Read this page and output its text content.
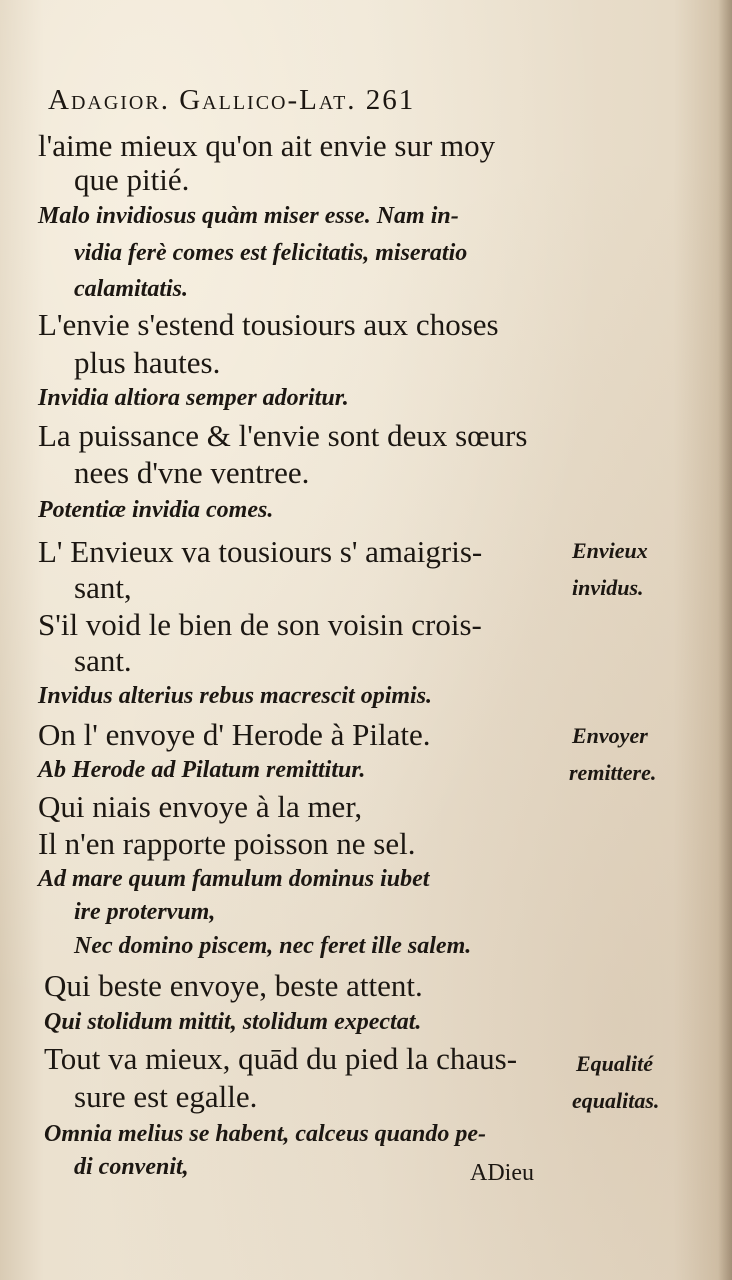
Adagior. Gallico-Lat. 261
l'aime mieux qu'on ait envie sur moy
que pitié.
Malo invidiosus quàm miser esse. Nam in-
vidia ferè comes est felicitatis, miseratio
calamitatis.
L'envie s'estend tousiours aux choses
plus hautes.
Invidia altiora semper adoritur.
La puissance & l'envie sont deux sœurs
nees d'vne ventree.
Potentiæ invidia comes.
L' Envieux va tousiours s' amaigris-
sant,
S'il void le bien de son voisin crois-
sant.
Invidus alterius rebus macrescit opimis.
On l' envoye d' Herode à Pilate.
Ab Herode ad Pilatum remittitur.
Qui niais envoye à la mer,
Il n'en rapporte poisson ne sel.
Ad mare quum famulum dominus iubet
ire protervum,
Nec domino piscem, nec feret ille salem.
Qui beste envoye, beste attent.
Qui stolidum mittit, stolidum expectat.
Tout va mieux, quād du pied la chaus-
sure est egalle.
Omnia melius se habent, calceus quando pe-
di convenit,	ADieu
Envieux
invidus.
Envoyer
remittere.
Equalité
equalitas.
